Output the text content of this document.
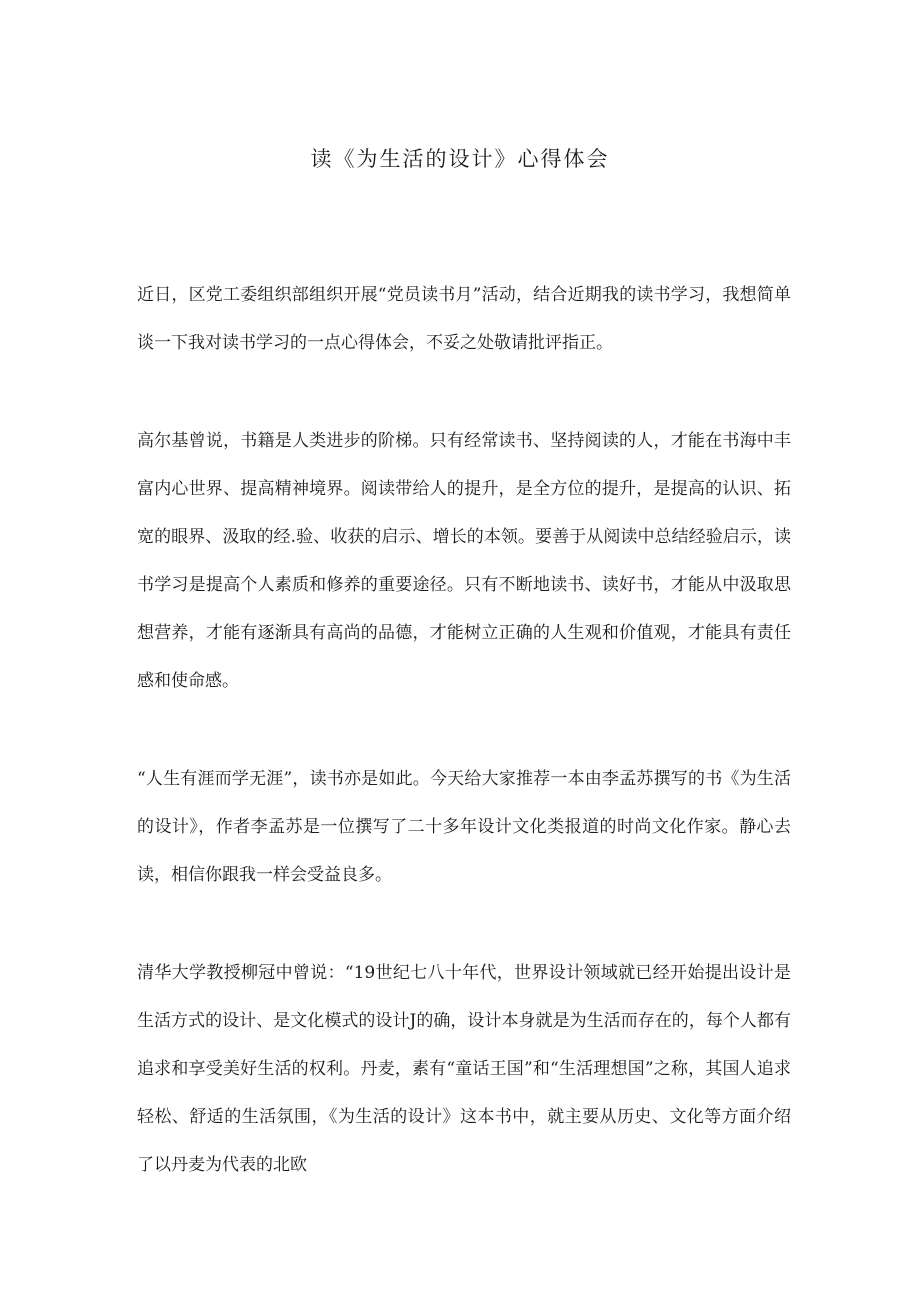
读《为生活的设计》心得体会

近日，区党工委组织部组织开展“党员读书月”活动，结合近期我的读书学习，我想简单谈一下我对读书学习的一点心得体会，不妥之处敬请批评指正。

高尔基曾说，书籍是人类进步的阶梯。只有经常读书、坚持阅读的人，才能在书海中丰富内心世界、提高精神境界。阅读带给人的提升，是全方位的提升，是提高的认识、拓宽的眼界、汲取的经.验、收获的启示、增长的本领。要善于从阅读中总结经验启示，读书学习是提高个人素质和修养的重要途径。只有不断地读书、读好书，才能从中汲取思想营养，才能有逐渐具有高尚的品德，才能树立正确的人生观和价值观，才能具有责任感和使命感。

“人生有涯而学无涯”，读书亦是如此。今天给大家推荐一本由李孟苏撰写的书《为生活的设计》，作者李孟苏是一位撰写了二十多年设计文化类报道的时尚文化作家。静心去读，相信你跟我一样会受益良多。

清华大学教授柳冠中曾说：“19世纪七八十年代，世界设计领域就已经开始提出设计是生活方式的设计、是文化模式的设计J的确，设计本身就是为生活而存在的，每个人都有追求和享受美好生活的权利。丹麦，素有“童话王国”和“生活理想国”之称，其国人追求轻松、舒适的生活氛围，《为生活的设计》这本书中，就主要从历史、文化等方面介绍了以丹麦为代表的北欧
